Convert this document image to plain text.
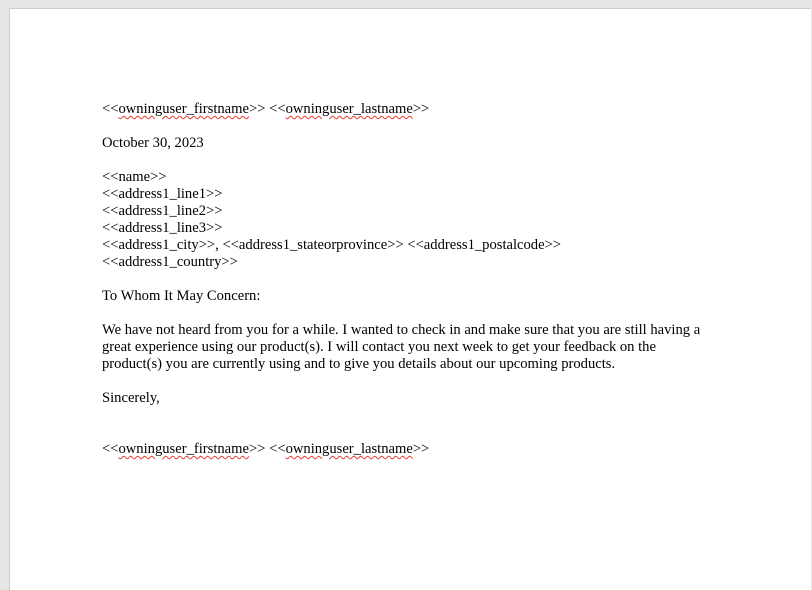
<<owninguser_firstname>> <<owninguser_lastname>>
October 30, 2023
<<name>>
<<address1_line1>>
<<address1_line2>>
<<address1_line3>>
<<address1_city>>, <<address1_stateorprovince>> <<address1_postalcode>>
<<address1_country>>
To Whom It May Concern:
We have not heard from you for a while. I wanted to check in and make sure that you are still having a
great experience using our product(s). I will contact you next week to get your feedback on the
product(s) you are currently using and to give you details about our upcoming products.
Sincerely,
<<owninguser_firstname>> <<owninguser_lastname>>
